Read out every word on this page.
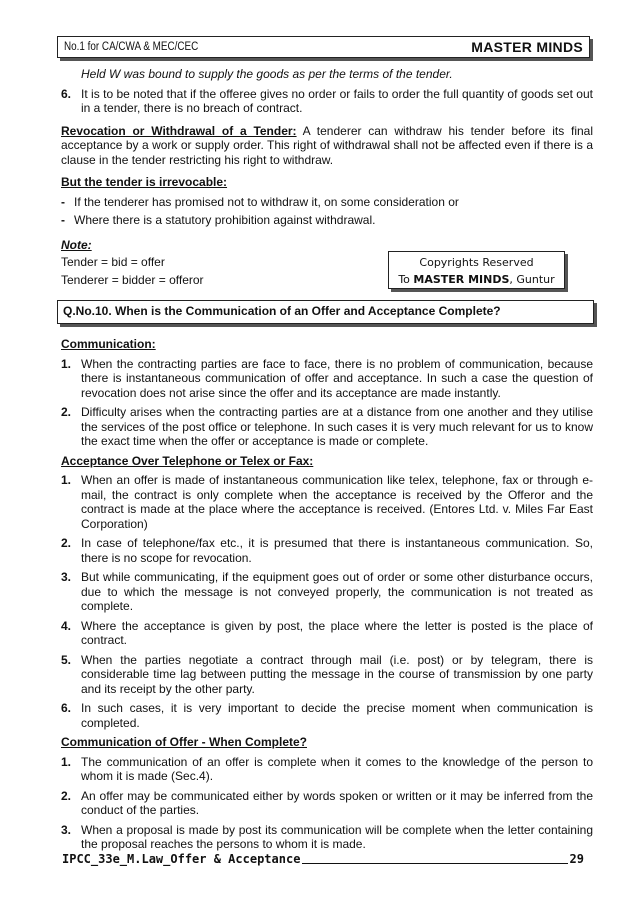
No.1 for CA/CWA & MEC/CEC	MASTER MINDS

Held W was bound to supply the goods as per the terms of the tender.

6. It is to be noted that if the offeree gives no order or fails to order the full quantity of goods set out in a tender, there is no breach of contract.

Revocation or Withdrawal of a Tender: A tenderer can withdraw his tender before its final acceptance by a work or supply order. This right of withdrawal shall not be affected even if there is a clause in the tender restricting his right to withdraw.

But the tender is irrevocable:
- If the tenderer has promised not to withdraw it, on some consideration or
- Where there is a statutory prohibition against withdrawal.
Note:
Tender = bid = offer
Tenderer = bidder = offeror
Copyrights Reserved
To MASTER MINDS, Guntur
Q.No.10. When is the Communication of an Offer and Acceptance Complete?
Communication:
1. When the contracting parties are face to face, there is no problem of communication, because there is instantaneous communication of offer and acceptance. In such a case the question of revocation does not arise since the offer and its acceptance are made instantly.
2. Difficulty arises when the contracting parties are at a distance from one another and they utilise the services of the post office or telephone. In such cases it is very much relevant for us to know the exact time when the offer or acceptance is made or complete.
Acceptance Over Telephone or Telex or Fax:
1. When an offer is made of instantaneous communication like telex, telephone, fax or through e-mail, the contract is only complete when the acceptance is received by the Offeror and the contract is made at the place where the acceptance is received. (Entores Ltd. v. Miles Far East Corporation)
2. In case of telephone/fax etc., it is presumed that there is instantaneous communication. So, there is no scope for revocation.
3. But while communicating, if the equipment goes out of order or some other disturbance occurs, due to which the message is not conveyed properly, the communication is not treated as complete.
4. Where the acceptance is given by post, the place where the letter is posted is the place of contract.
5. When the parties negotiate a contract through mail (i.e. post) or by telegram, there is considerable time lag between putting the message in the course of transmission by one party and its receipt by the other party.
6. In such cases, it is very important to decide the precise moment when communication is completed.
Communication of Offer - When Complete?
1. The communication of an offer is complete when it comes to the knowledge of the person to whom it is made (Sec.4).
2. An offer may be communicated either by words spoken or written or it may be inferred from the conduct of the parties.
3. When a proposal is made by post its communication will be complete when the letter containing the proposal reaches the persons to whom it is made.
IPCC_33e_M.Law_Offer & Acceptance	29
